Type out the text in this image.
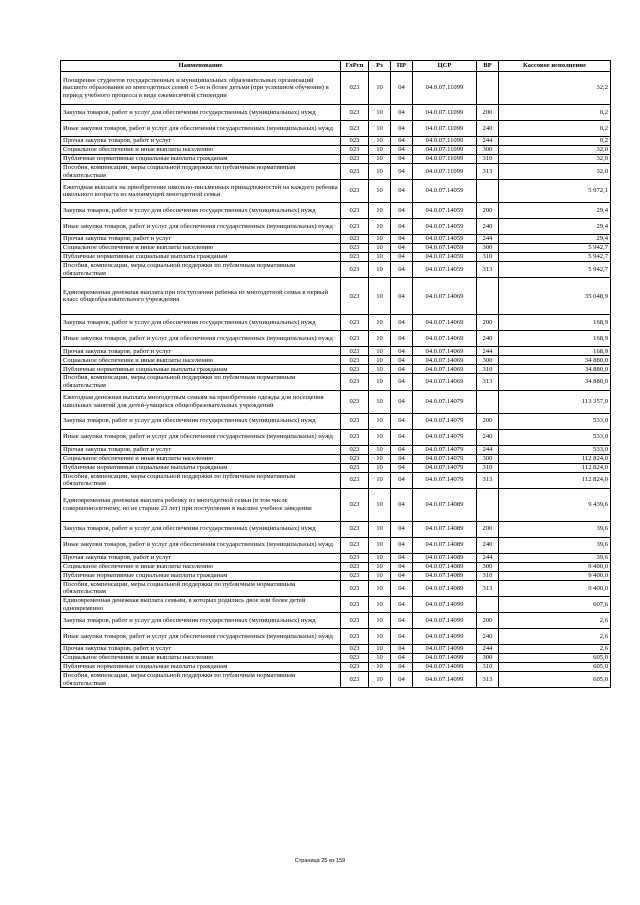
Наименование	ГлРсп	Рз	ПР	ЦСР	ВР	Кассовое исполнение
Поощрение студентов государственных и муниципальных образовательных организаций высшего образования из многодетных семей с 5-ю и более детьми (при успешном обучении) в период учебного процесса в виде ежемесячной стипендии	023	10	04	04.0.07.11099		32,2
Закупка товаров, работ и услуг для обеспечения государственных (муниципальных) нужд	023	10	04	04.0.07.11099	200	0,2
Иные закупки товаров, работ и услуг для обеспечения государственных (муниципальных) нужд	023	10	04	04.0.07.11099	240	0,2
Прочая закупка товаров, работ и услуг	023	10	04	04.0.07.11099	244	0,2
Социальное обеспечение и иные выплаты населению	023	10	04	04.0.07.11099	300	32,0
Публичные нормативные социальные выплаты гражданам	023	10	04	04.0.07.11099	310	32,0
Пособия, компенсации, меры социальной поддержки по публичным нормативным обязательствам	023	10	04	04.0.07.11099	313	32,0
Ежегодная выплата на приобретение школьно-письменных принадлежностей на каждого ребенка школьного возраста из малоимущей многодетной семьи	023	10	04	04.0.07.14059		5 972,1
Закупка товаров, работ и услуг для обеспечения государственных (муниципальных) нужд	023	10	04	04.0.07.14059	200	29,4
Иные закупки товаров, работ и услуг для обеспечения государственных (муниципальных) нужд	023	10	04	04.0.07.14059	240	29,4
Прочая закупка товаров, работ и услуг	023	10	04	04.0.07.14059	244	29,4
Социальное обеспечение и иные выплаты населению	023	10	04	04.0.07.14059	300	5 942,7
Публичные нормативные социальные выплаты гражданам	023	10	04	04.0.07.14059	310	5 942,7
Пособия, компенсации, меры социальной поддержки по публичным нормативным обязательствам	023	10	04	04.0.07.14059	313	5 942,7
Единовременная денежная выплата при поступлении ребенка из многодетной семьи в первый класс общеобразовательного учреждения	023	10	04	04.0.07.14069		35 048,9
Закупка товаров, работ и услуг для обеспечения государственных (муниципальных) нужд	023	10	04	04.0.07.14069	200	168,9
Иные закупки товаров, работ и услуг для обеспечения государственных (муниципальных) нужд	023	10	04	04.0.07.14069	240	168,9
Прочая закупка товаров, работ и услуг	023	10	04	04.0.07.14069	244	168,9
Социальное обеспечение и иные выплаты населению	023	10	04	04.0.07.14069	300	34 880,0
Публичные нормативные социальные выплаты гражданам	023	10	04	04.0.07.14069	310	34 880,0
Пособия, компенсации, меры социальной поддержки по публичным нормативным обязательствам	023	10	04	04.0.07.14069	313	34 880,0
Ежегодная денежная выплата многодетным семьям на приобретение одежды для посещения школьных занятий для детей-учащихся общеобразовательных учреждений	023	10	04	04.0.07.14079		113 357,0
Закупка товаров, работ и услуг для обеспечения государственных (муниципальных) нужд	023	10	04	04.0.07.14079	200	533,0
Иные закупки товаров, работ и услуг для обеспечения государственных (муниципальных) нужд	023	10	04	04.0.07.14079	240	533,0
Прочая закупка товаров, работ и услуг	023	10	04	04.0.07.14079	244	533,0
Социальное обеспечение и иные выплаты населению	023	10	04	04.0.07.14079	300	112 824,0
Публичные нормативные социальные выплаты гражданам	023	10	04	04.0.07.14079	310	112 824,0
Пособия, компенсации, меры социальной поддержки по публичным нормативным обязательствам	023	10	04	04.0.07.14079	313	112 824,0
Единовременная денежная выплата ребенку из многодетной семьи (в том числе совершеннолетнему, но не старше 23 лет) при поступлении в высшее учебное заведение	023	10	04	04.0.07.14089		9 439,6
Закупка товаров, работ и услуг для обеспечения государственных (муниципальных) нужд	023	10	04	04.0.07.14089	200	39,6
Иные закупки товаров, работ и услуг для обеспечения государственных (муниципальных) нужд	023	10	04	04.0.07.14089	240	39,6
Прочая закупка товаров, работ и услуг	023	10	04	04.0.07.14089	244	39,6
Социальное обеспечение и иные выплаты населению	023	10	04	04.0.07.14089	300	9 400,0
Публичные нормативные социальные выплаты гражданам	023	10	04	04.0.07.14089	310	9 400,0
Пособия, компенсации, меры социальной поддержки по публичным нормативным обязательствам	023	10	04	04.0.07.14089	313	9 400,0
Единовременная денежная выплата семьям, в которых родились двое или более детей одновременно	023	10	04	04.0.07.14099		607,6
Закупка товаров, работ и услуг для обеспечения государственных (муниципальных) нужд	023	10	04	04.0.07.14099	200	2,6
Иные закупки товаров, работ и услуг для обеспечения государственных (муниципальных) нужд	023	10	04	04.0.07.14099	240	2,6
Прочая закупка товаров, работ и услуг	023	10	04	04.0.07.14099	244	2,6
Социальное обеспечение и иные выплаты населению	023	10	04	04.0.07.14099	300	605,0
Публичные нормативные социальные выплаты гражданам	023	10	04	04.0.07.14099	310	605,0
Пособия, компенсации, меры социальной поддержки по публичным нормативным обязательствам	023	10	04	04.0.07.14099	313	605,0
Страница 25 из 159
